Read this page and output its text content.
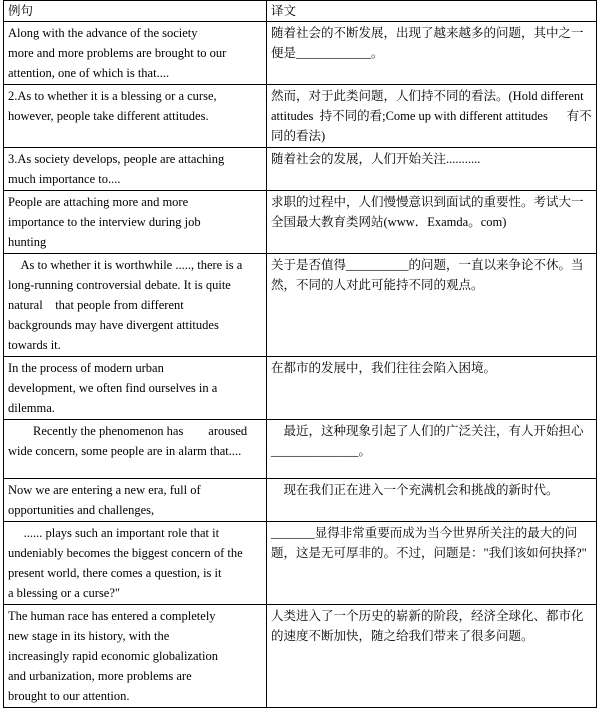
例句	译文
Along with the advance of the society
more and more problems are brought to our
attention, one of which is that....	随着社会的不断发展，出现了越来越多的问题，其中之一便是____________。
2.As to whether it is a blessing or a curse,
however, people take different attitudes.	然而，对于此类问题，人们持不同的看法。(Hold different attitudes  持不同的看;Come up with different attitudes      有不同的看法)
3.As society develops, people are attaching
much importance to....	随着社会的发展，人们开始关注...........
People are attaching more and more
importance to the interview during job
hunting	求职的过程中，人们慢慢意识到面试的重要性。考试大一全国最大教育类网站(www．Examda。com)
As to whether it is worthwhile ....., there is a
long-running controversial debate. It is quite
natural    that people from different
backgrounds may have divergent attitudes
towards it.	关于是否值得__________的问题，一直以来争论不休。当然，不同的人对此可能持不同的观点。
In the process of modern urban
development, we often find ourselves in a
dilemma.	在都市的发展中，我们往往会陷入困境。
Recently the phenomenon has        aroused
wide concern, some people are in alarm that....	最近，这种现象引起了人们的广泛关注，有人开始担心______________。
Now we are entering a new era, full of
opportunities and challenges,	现在我们正在进入一个充满机会和挑战的新时代。
...... plays such an important role that it
undeniably becomes the biggest concern of the
present world, there comes a question, is it
a blessing or a curse?"	_______显得非常重要而成为当今世界所关注的最大的问题，这是无可厚非的。不过，问题是："我们该如何抉择?"
The human race has entered a completely
new stage in its history, with the
increasingly rapid economic globalization
and urbanization, more problems are
brought to our attention.	人类进入了一个历史的崭新的阶段，经济全球化、都市化的速度不断加快，随之给我们带来了很多问题。
